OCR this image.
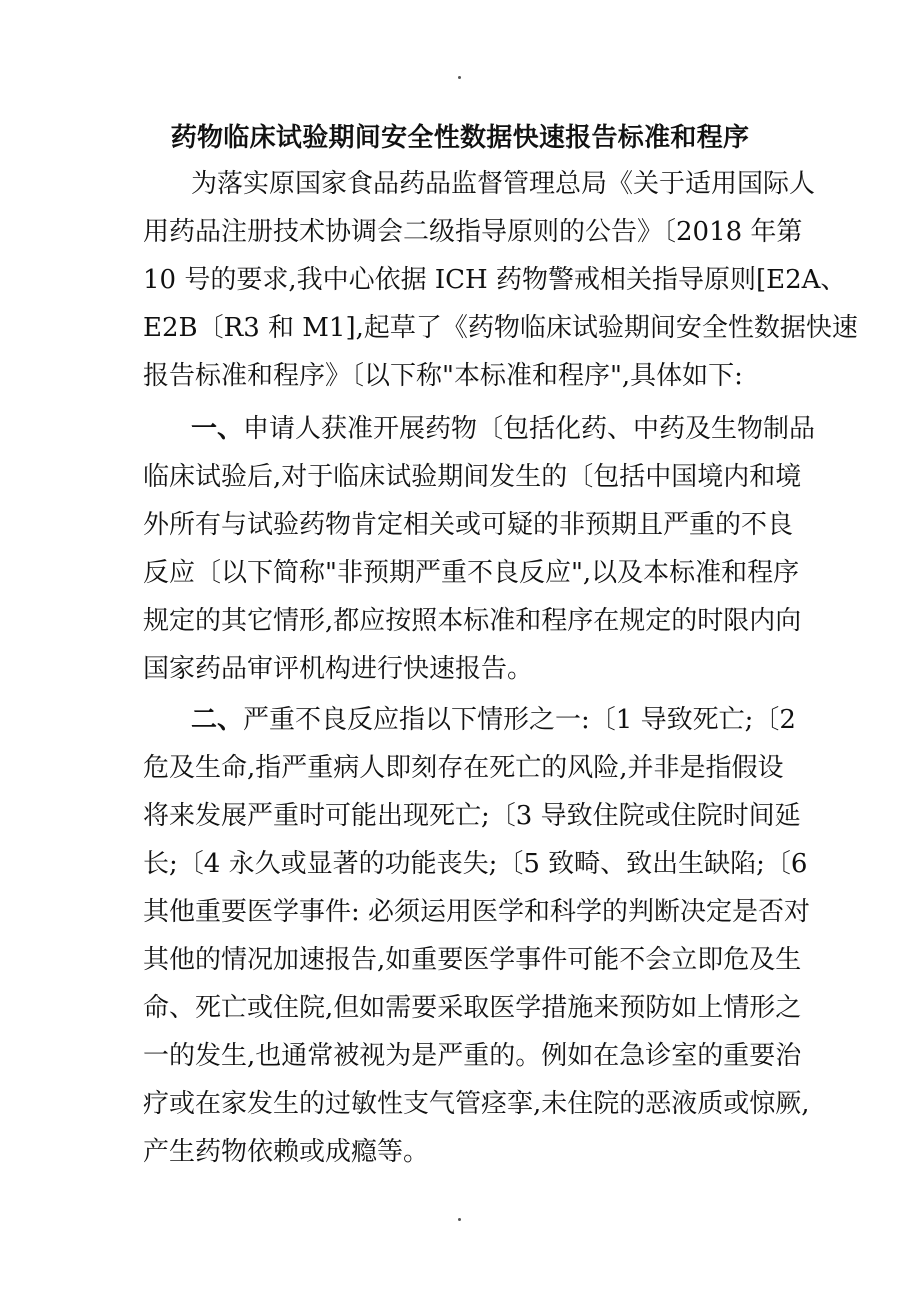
药物临床试验期间安全性数据快速报告标准和程序
为落实原国家食品药品监督管理总局《关于适用国际人
用药品注册技术协调会二级指导原则的公告》〔2018 年第
10 号的要求,我中心依据 ICH 药物警戒相关指导原则[E2A、
E2B〔R3 和 M1],起草了《药物临床试验期间安全性数据快速
报告标准和程序》〔以下称"本标准和程序",具体如下:
一、申请人获准开展药物〔包括化药、中药及生物制品
临床试验后,对于临床试验期间发生的〔包括中国境内和境
外所有与试验药物肯定相关或可疑的非预期且严重的不良
反应〔以下简称"非预期严重不良反应",以及本标准和程序
规定的其它情形,都应按照本标准和程序在规定的时限内向
国家药品审评机构进行快速报告。
二、严重不良反应指以下情形之一:〔1 导致死亡;〔2
危及生命,指严重病人即刻存在死亡的风险,并非是指假设
将来发展严重时可能出现死亡;〔3 导致住院或住院时间延
长;〔4 永久或显著的功能丧失;〔5 致畸、致出生缺陷;〔6
其他重要医学事件: 必须运用医学和科学的判断决定是否对
其他的情况加速报告,如重要医学事件可能不会立即危及生
命、死亡或住院,但如需要采取医学措施来预防如上情形之
一的发生,也通常被视为是严重的。例如在急诊室的重要治
疗或在家发生的过敏性支气管痉挛,未住院的恶液质或惊厥,
产生药物依赖或成瘾等。
